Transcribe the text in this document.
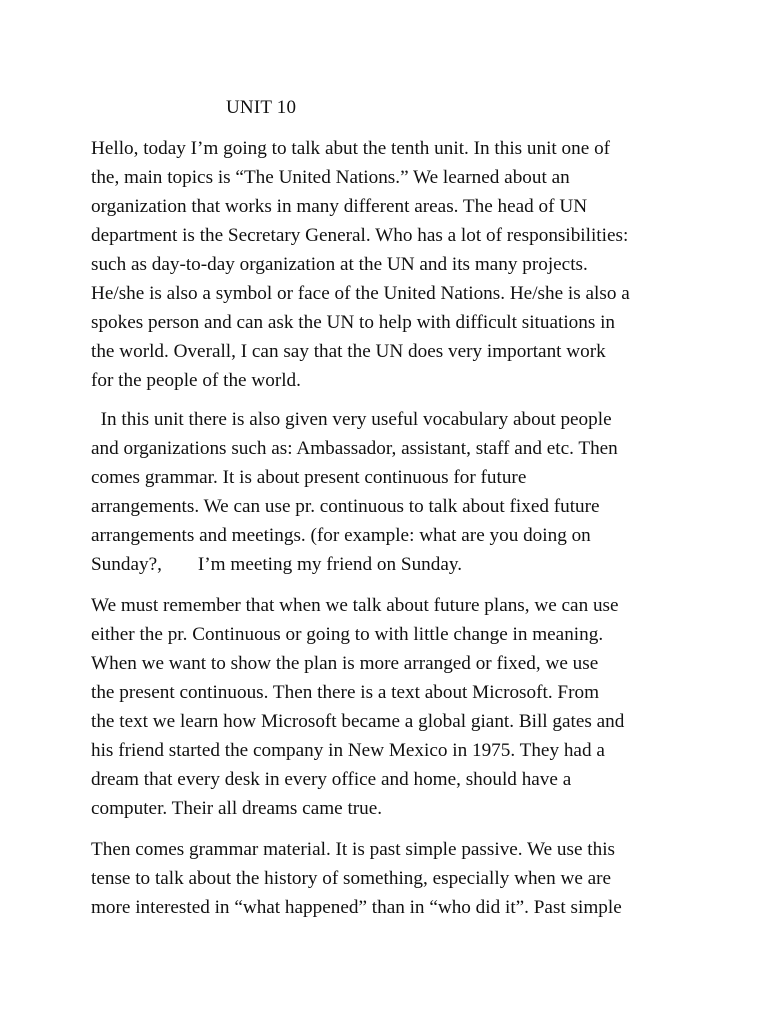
UNIT 10
Hello, today I’m going to talk abut the tenth unit. In this unit one of
the, main topics is “The United Nations.” We learned about an
organization that works in many different areas. The head of UN
department is the Secretary General. Who has a lot of responsibilities:
such as day-to-day organization at the UN and its many projects.
He/she is also a symbol or face of the United Nations. He/she is also a
spokes person and can ask the UN to help with difficult situations in
the world. Overall, I can say that the UN does very important work
for the people of the world.
In this unit there is also given very useful vocabulary about people
and organizations such as: Ambassador, assistant, staff and etc. Then
comes grammar. It is about present continuous for future
arrangements. We can use pr. continuous to talk about fixed future
arrangements and meetings. (for example: what are you doing on
Sunday?, I’m meeting my friend on Sunday.
We must remember that when we talk about future plans, we can use
either the pr. Continuous or going to with little change in meaning.
When we want to show the plan is more arranged or fixed, we use
the present continuous. Then there is a text about Microsoft. From
the text we learn how Microsoft became a global giant. Bill gates and
his friend started the company in New Mexico in 1975. They had a
dream that every desk in every office and home, should have a
computer. Their all dreams came true.
Then comes grammar material. It is past simple passive. We use this
tense to talk about the history of something, especially when we are
more interested in “what happened” than in “who did it”. Past simple
